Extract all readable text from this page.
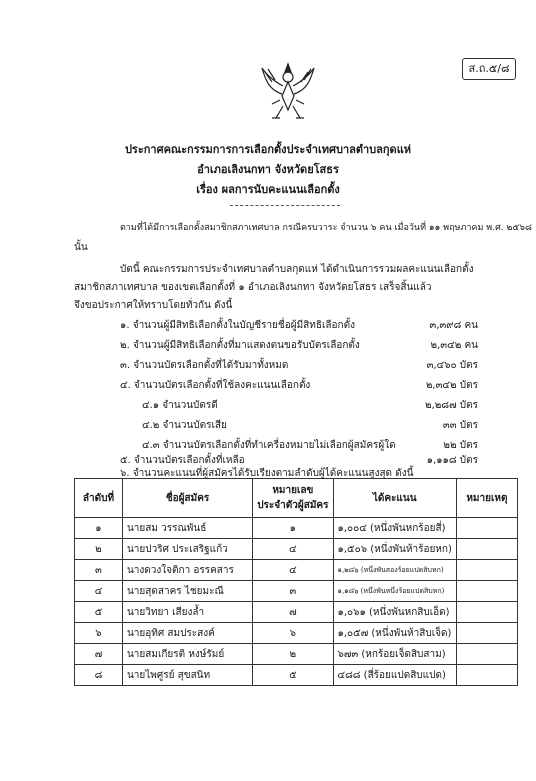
ส.ถ.๕/๘
ประกาศคณะกรรมการการเลือกตั้งประจำเทศบาลตำบลกุดแห่
อำเภอเลิงนกทา จังหวัดยโสธร
เรื่อง ผลการนับคะแนนเลือกตั้ง
ตามที่ได้มีการเลือกตั้งสมาชิกสภาเทศบาล กรณีครบวาระ จำนวน ๖ คน เมื่อวันที่ ๑๑ พฤษภาคม พ.ศ. ๒๕๖๘
นั้น
บัดนี้ คณะกรรมการประจำเทศบาลตำบลกุดแห่ ได้ดำเนินการรวมผลคะแนนเลือกตั้ง
สมาชิกสภาเทศบาล ของเขตเลือกตั้งที่ ๑ อำเภอเลิงนกทา จังหวัดยโสธร เสร็จสิ้นแล้ว
จึงขอประกาศให้ทราบโดยทั่วกัน ดังนี้
๑. จำนวนผู้มีสิทธิเลือกตั้งในบัญชีรายชื่อผู้มีสิทธิเลือกตั้ง	๓,๓๙๘ คน
๒. จำนวนผู้มีสิทธิเลือกตั้งที่มาแสดงตนขอรับบัตรเลือกตั้ง	๒,๓๔๒ คน
๓. จำนวนบัตรเลือกตั้งที่ได้รับมาทั้งหมด	๓,๔๖๐ บัตร
๔. จำนวนบัตรเลือกตั้งที่ใช้ลงคะแนนเลือกตั้ง	๒,๓๔๒ บัตร
๔.๑ จำนวนบัตรดี	๒,๒๘๗ บัตร
๔.๒ จำนวนบัตรเสีย	๓๓ บัตร
๔.๓ จำนวนบัตรเลือกตั้งที่ทำเครื่องหมายไม่เลือกผู้สมัครผู้ใด	๒๒ บัตร
๕. จำนวนบัตรเลือกตั้งที่เหลือ	๑,๑๑๘ บัตร
๖. จำนวนคะแนนที่ผู้สมัครได้รับเรียงตามลำดับผู้ได้คะแนนสูงสุด ดังนี้
ลำดับที่	ชื่อผู้สมัคร	หมายเลข
ประจำตัวผู้สมัคร	ได้คะแนน	หมายเหตุ
๑	นายสม วรรณพันธ์	๑	๑,๐๐๔ (หนึ่งพันหกร้อยสี่)	
๒	นายปวริศ ประเสริฐแก้ว	๔	๑,๕๐๖ (หนึ่งพันห้าร้อยหก)	
๓	นางดวงใจติกา อรรคสาร	๔	๑,๒๘๖ (หนึ่งพันสองร้อยแปดสิบหก)	
๔	นายสุดสาคร ไชยมะณี	๓	๑,๑๘๖ (หนึ่งพันหนึ่งร้อยแปดสิบหก)	
๕	นายวิทยา เสียงล้ำ	๗	๑,๐๖๑ (หนึ่งพันหกสิบเอ็ด)	
๖	นายอุทิศ สมประสงค์	๖	๑,๐๕๗ (หนึ่งพันห้าสิบเจ็ด)	
๗	นายสมเกียรติ หงษ์รัมย์	๒	๖๗๓ (หกร้อยเจ็ดสิบสาม)	
๘	นายไพศูรย์ สุขสนิท	๕	๔๘๘ (สี่ร้อยแปดสิบแปด)	
